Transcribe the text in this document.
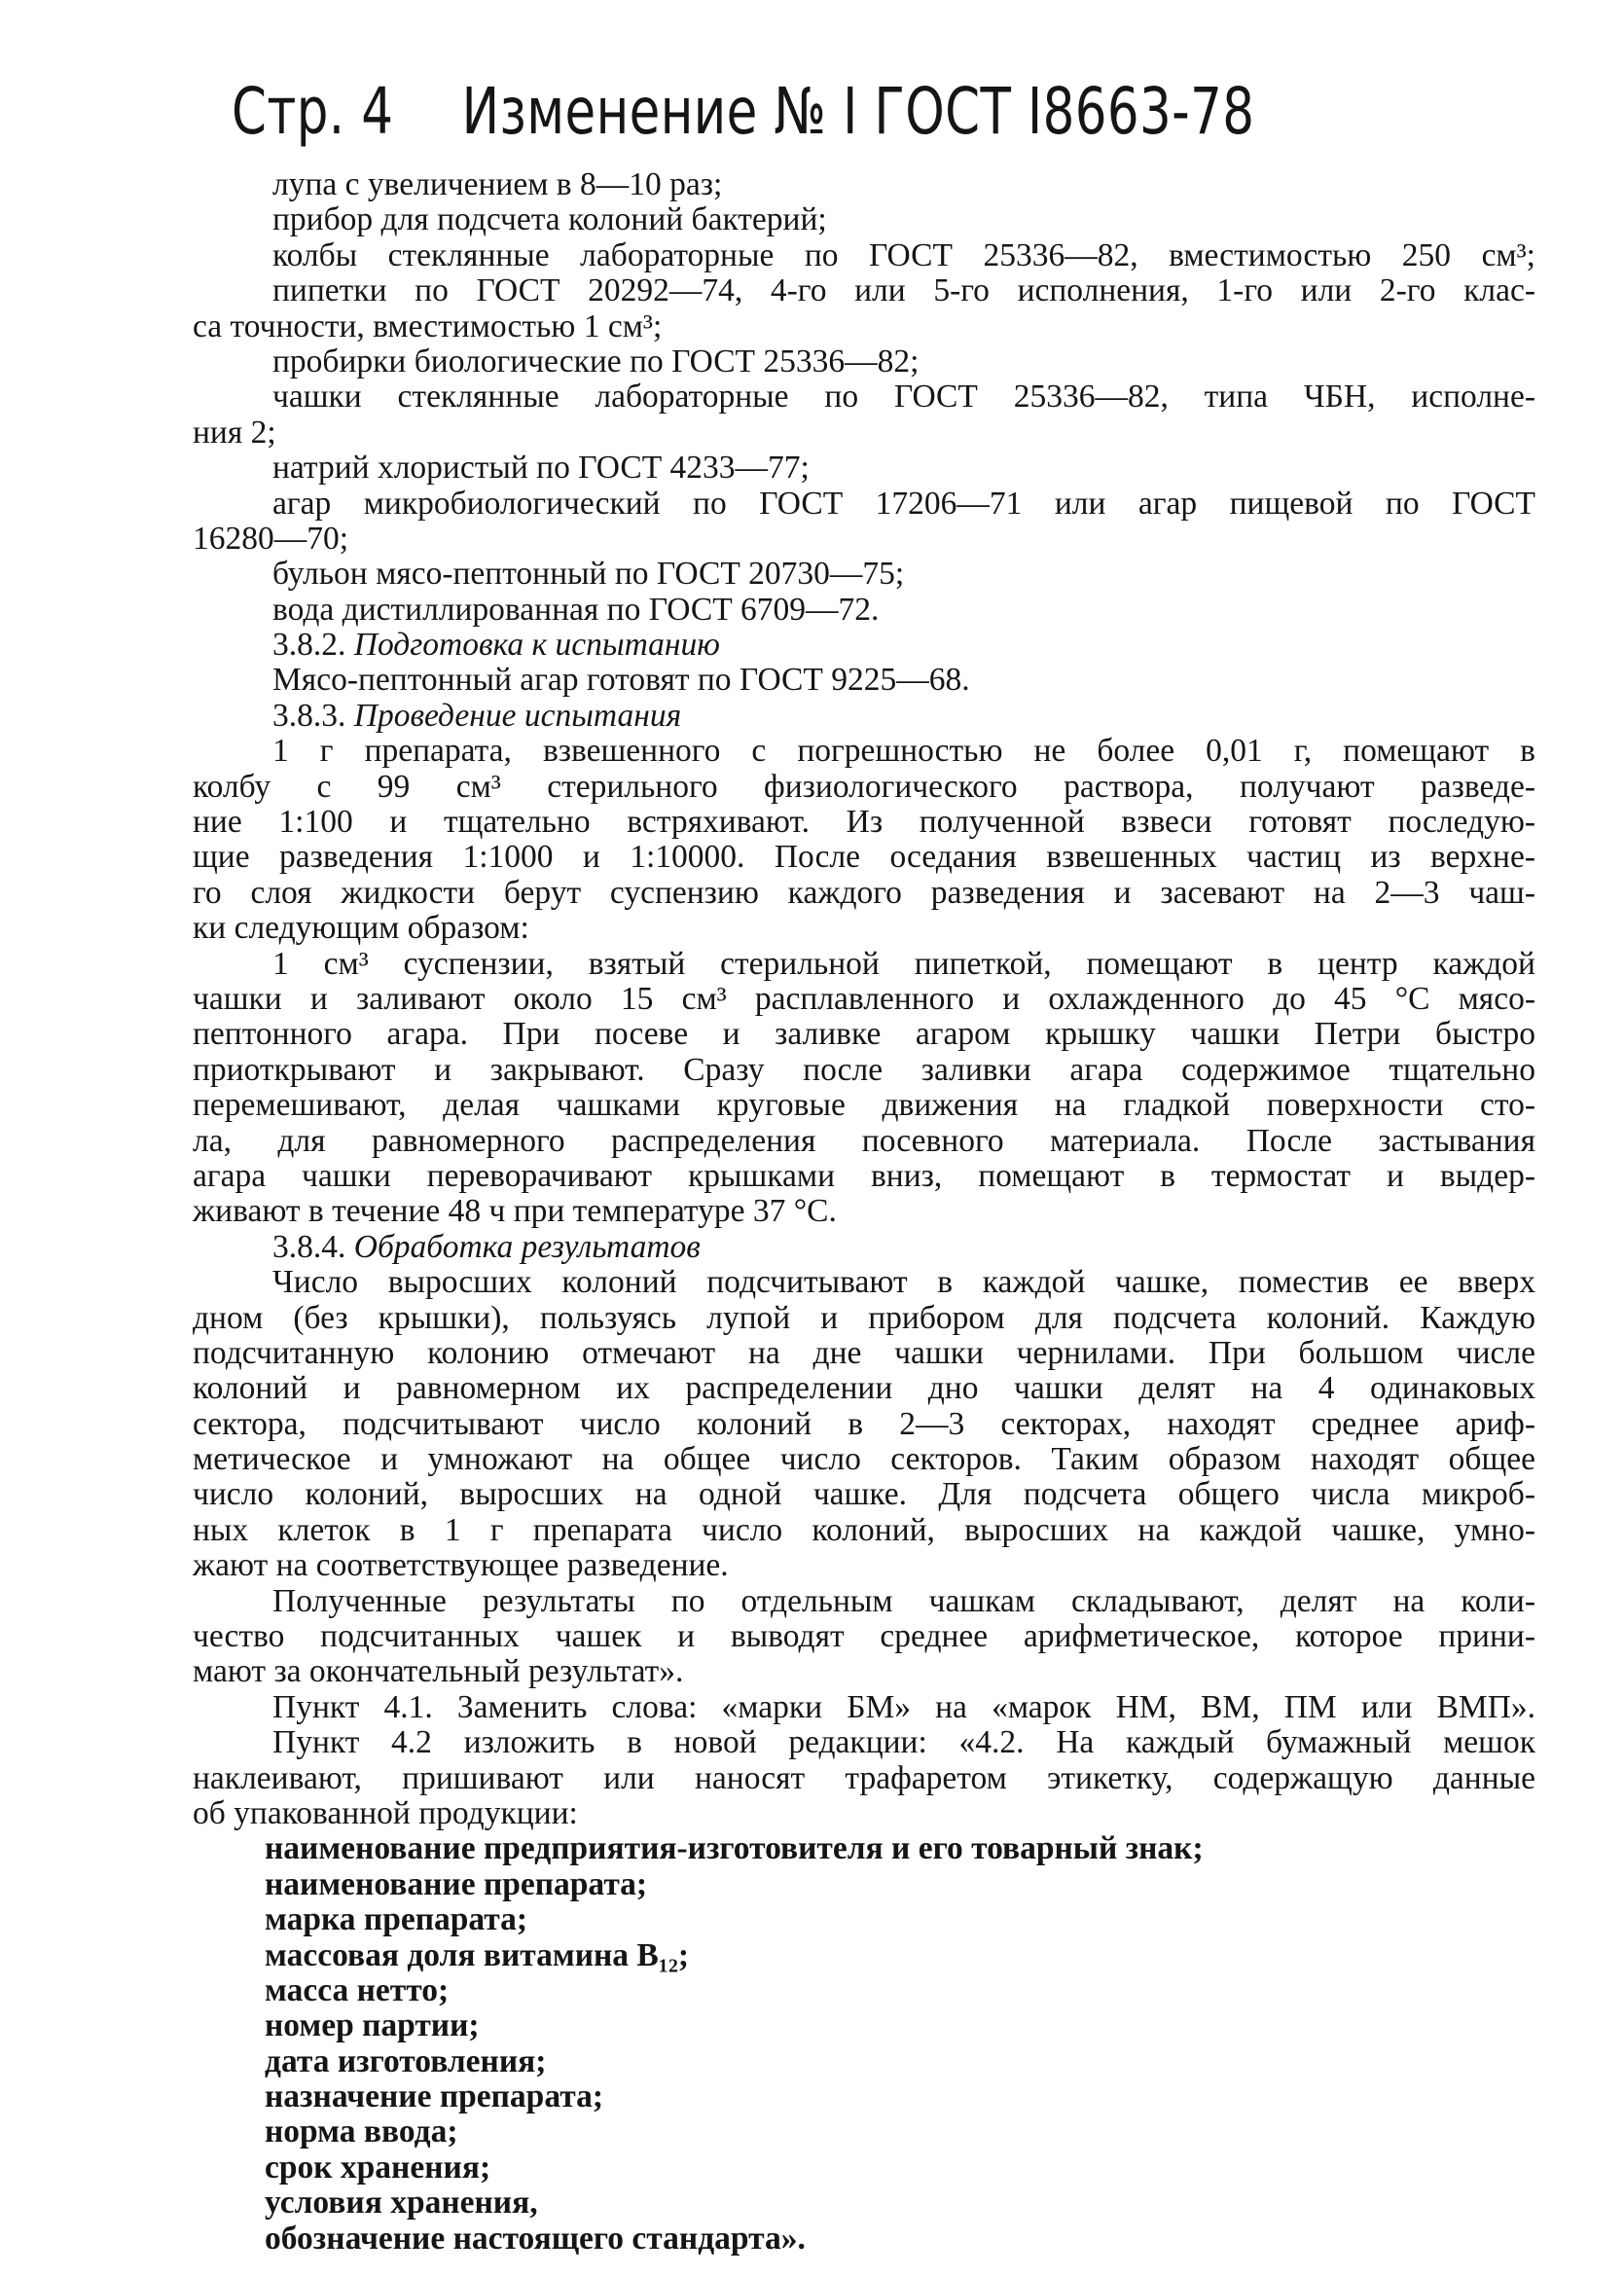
Стр. 4 Изменение № I ГОСТ I8663-78
лупа с увеличением в 8—10 раз;
прибор для подсчета колоний бактерий;
колбы стеклянные лабораторные по ГОСТ 25336—82, вместимостью 250 см³;
пипетки по ГОСТ 20292—74, 4-го или 5-го исполнения, 1-го или 2-го клас-
са точности, вместимостью 1 см³;
пробирки биологические по ГОСТ 25336—82;
чашки стеклянные лабораторные по ГОСТ 25336—82, типа ЧБН, исполне-
ния 2;
натрий хлористый по ГОСТ 4233—77;
агар микробиологический по ГОСТ 17206—71 или агар пищевой по ГОСТ
16280—70;
бульон мясо-пептонный по ГОСТ 20730—75;
вода дистиллированная по ГОСТ 6709—72.
3.8.2. Подготовка к испытанию
Мясо-пептонный агар готовят по ГОСТ 9225—68.
3.8.3. Проведение испытания
1 г препарата, взвешенного с погрешностью не более 0,01 г, помещают в
колбу с 99 см³ стерильного физиологического раствора, получают разведе-
ние 1:100 и тщательно встряхивают. Из полученной взвеси готовят последую-
щие разведения 1:1000 и 1:10000. После оседания взвешенных частиц из верхне-
го слоя жидкости берут суспензию каждого разведения и засевают на 2—3 чаш-
ки следующим образом:
1 см³ суспензии, взятый стерильной пипеткой, помещают в центр каждой
чашки и заливают около 15 см³ расплавленного и охлажденного до 45 °С мясо-
пептонного агара. При посеве и заливке агаром крышку чашки Петри быстро
приоткрывают и закрывают. Сразу после заливки агара содержимое тщательно
перемешивают, делая чашками круговые движения на гладкой поверхности сто-
ла, для равномерного распределения посевного материала. После застывания
агара чашки переворачивают крышками вниз, помещают в термостат и выдер-
живают в течение 48 ч при температуре 37 °С.
3.8.4. Обработка результатов
Число выросших колоний подсчитывают в каждой чашке, поместив ее вверх
дном (без крышки), пользуясь лупой и прибором для подсчета колоний. Каждую
подсчитанную колонию отмечают на дне чашки чернилами. При большом числе
колоний и равномерном их распределении дно чашки делят на 4 одинаковых
сектора, подсчитывают число колоний в 2—3 секторах, находят среднее ариф-
метическое и умножают на общее число секторов. Таким образом находят общее
число колоний, выросших на одной чашке. Для подсчета общего числа микроб-
ных клеток в 1 г препарата число колоний, выросших на каждой чашке, умно-
жают на соответствующее разведение.
Полученные результаты по отдельным чашкам складывают, делят на коли-
чество подсчитанных чашек и выводят среднее арифметическое, которое прини-
мают за окончательный результат».
Пункт 4.1. Заменить слова: «марки БМ» на «марок НМ, ВМ, ПМ или ВМП».
Пункт 4.2 изложить в новой редакции: «4.2. На каждый бумажный мешок
наклеивают, пришивают или наносят трафаретом этикетку, содержащую данные
об упакованной продукции:
наименование предприятия-изготовителя и его товарный знак;
наименование препарата;
марка препарата;
массовая доля витамина B₁₂;
масса нетто;
номер партии;
дата изготовления;
назначение препарата;
норма ввода;
срок хранения;
условия хранения,
обозначение настоящего стандарта».
